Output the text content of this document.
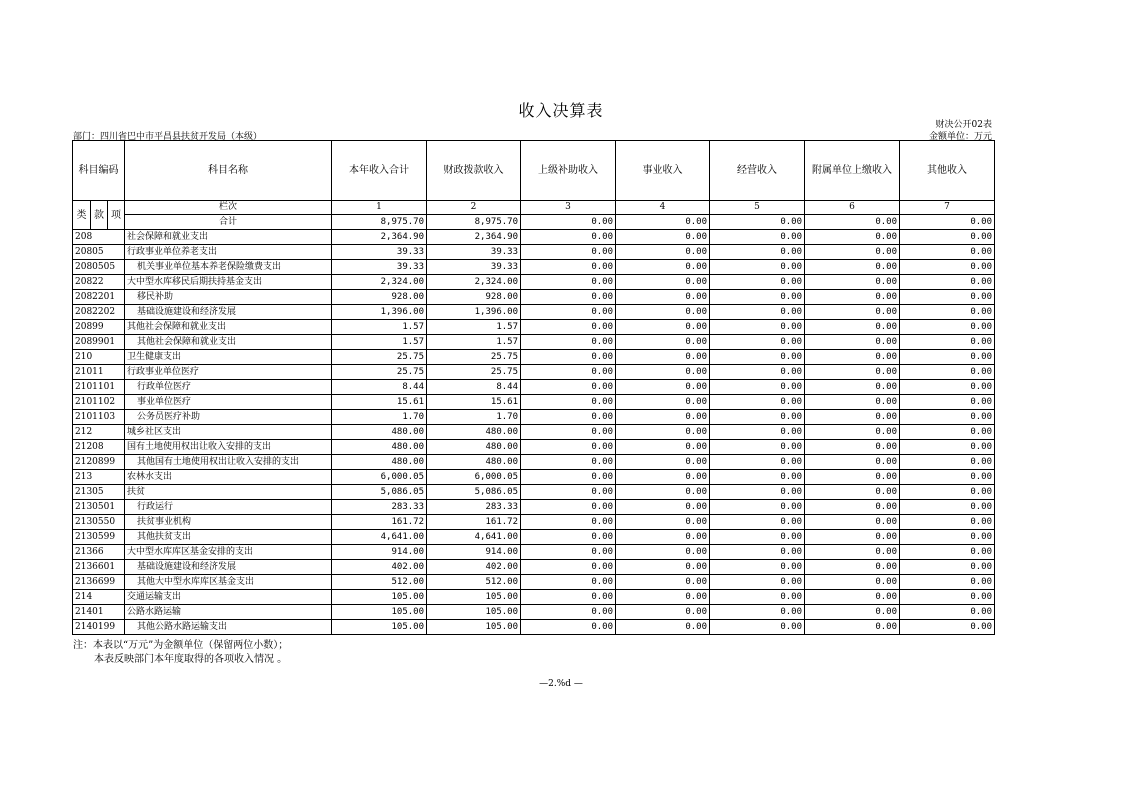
收入决算表
财决公开02表
金额单位：万元
部门：四川省巴中市平昌县扶贫开发局（本级）
科目编码			科目名称	本年收入合计	财政拨款收入	上级补助收入	事业收入	经营收入	附属单位上缴收入	其他收入
类	款	项	栏次	1	2	3	4	5	6	7
			合计	8,975.70	8,975.70	0.00	0.00	0.00	0.00	0.00
208			社会保障和就业支出	2,364.90	2,364.90	0.00	0.00	0.00	0.00	0.00
20805			行政事业单位养老支出	39.33	39.33	0.00	0.00	0.00	0.00	0.00
2080505			机关事业单位基本养老保险缴费支出	39.33	39.33	0.00	0.00	0.00	0.00	0.00
20822			大中型水库移民后期扶持基金支出	2,324.00	2,324.00	0.00	0.00	0.00	0.00	0.00
2082201			移民补助	928.00	928.00	0.00	0.00	0.00	0.00	0.00
2082202			基础设施建设和经济发展	1,396.00	1,396.00	0.00	0.00	0.00	0.00	0.00
20899			其他社会保障和就业支出	1.57	1.57	0.00	0.00	0.00	0.00	0.00
2089901			其他社会保障和就业支出	1.57	1.57	0.00	0.00	0.00	0.00	0.00
210			卫生健康支出	25.75	25.75	0.00	0.00	0.00	0.00	0.00
21011			行政事业单位医疗	25.75	25.75	0.00	0.00	0.00	0.00	0.00
2101101			行政单位医疗	8.44	8.44	0.00	0.00	0.00	0.00	0.00
2101102			事业单位医疗	15.61	15.61	0.00	0.00	0.00	0.00	0.00
2101103			公务员医疗补助	1.70	1.70	0.00	0.00	0.00	0.00	0.00
212			城乡社区支出	480.00	480.00	0.00	0.00	0.00	0.00	0.00
21208			国有土地使用权出让收入安排的支出	480.00	480.00	0.00	0.00	0.00	0.00	0.00
2120899			其他国有土地使用权出让收入安排的支出	480.00	480.00	0.00	0.00	0.00	0.00	0.00
213			农林水支出	6,000.05	6,000.05	0.00	0.00	0.00	0.00	0.00
21305			扶贫	5,086.05	5,086.05	0.00	0.00	0.00	0.00	0.00
2130501			行政运行	283.33	283.33	0.00	0.00	0.00	0.00	0.00
2130550			扶贫事业机构	161.72	161.72	0.00	0.00	0.00	0.00	0.00
2130599			其他扶贫支出	4,641.00	4,641.00	0.00	0.00	0.00	0.00	0.00
21366			大中型水库库区基金安排的支出	914.00	914.00	0.00	0.00	0.00	0.00	0.00
2136601			基础设施建设和经济发展	402.00	402.00	0.00	0.00	0.00	0.00	0.00
2136699			其他大中型水库库区基金支出	512.00	512.00	0.00	0.00	0.00	0.00	0.00
214			交通运输支出	105.00	105.00	0.00	0.00	0.00	0.00	0.00
21401			公路水路运输	105.00	105.00	0.00	0.00	0.00	0.00	0.00
2140199			其他公路水路运输支出	105.00	105.00	0.00	0.00	0.00	0.00	0.00
注：本表以“万元”为金额单位（保留两位小数）；
本表反映部门本年度取得的各项收入情况 。
—2.%d —
